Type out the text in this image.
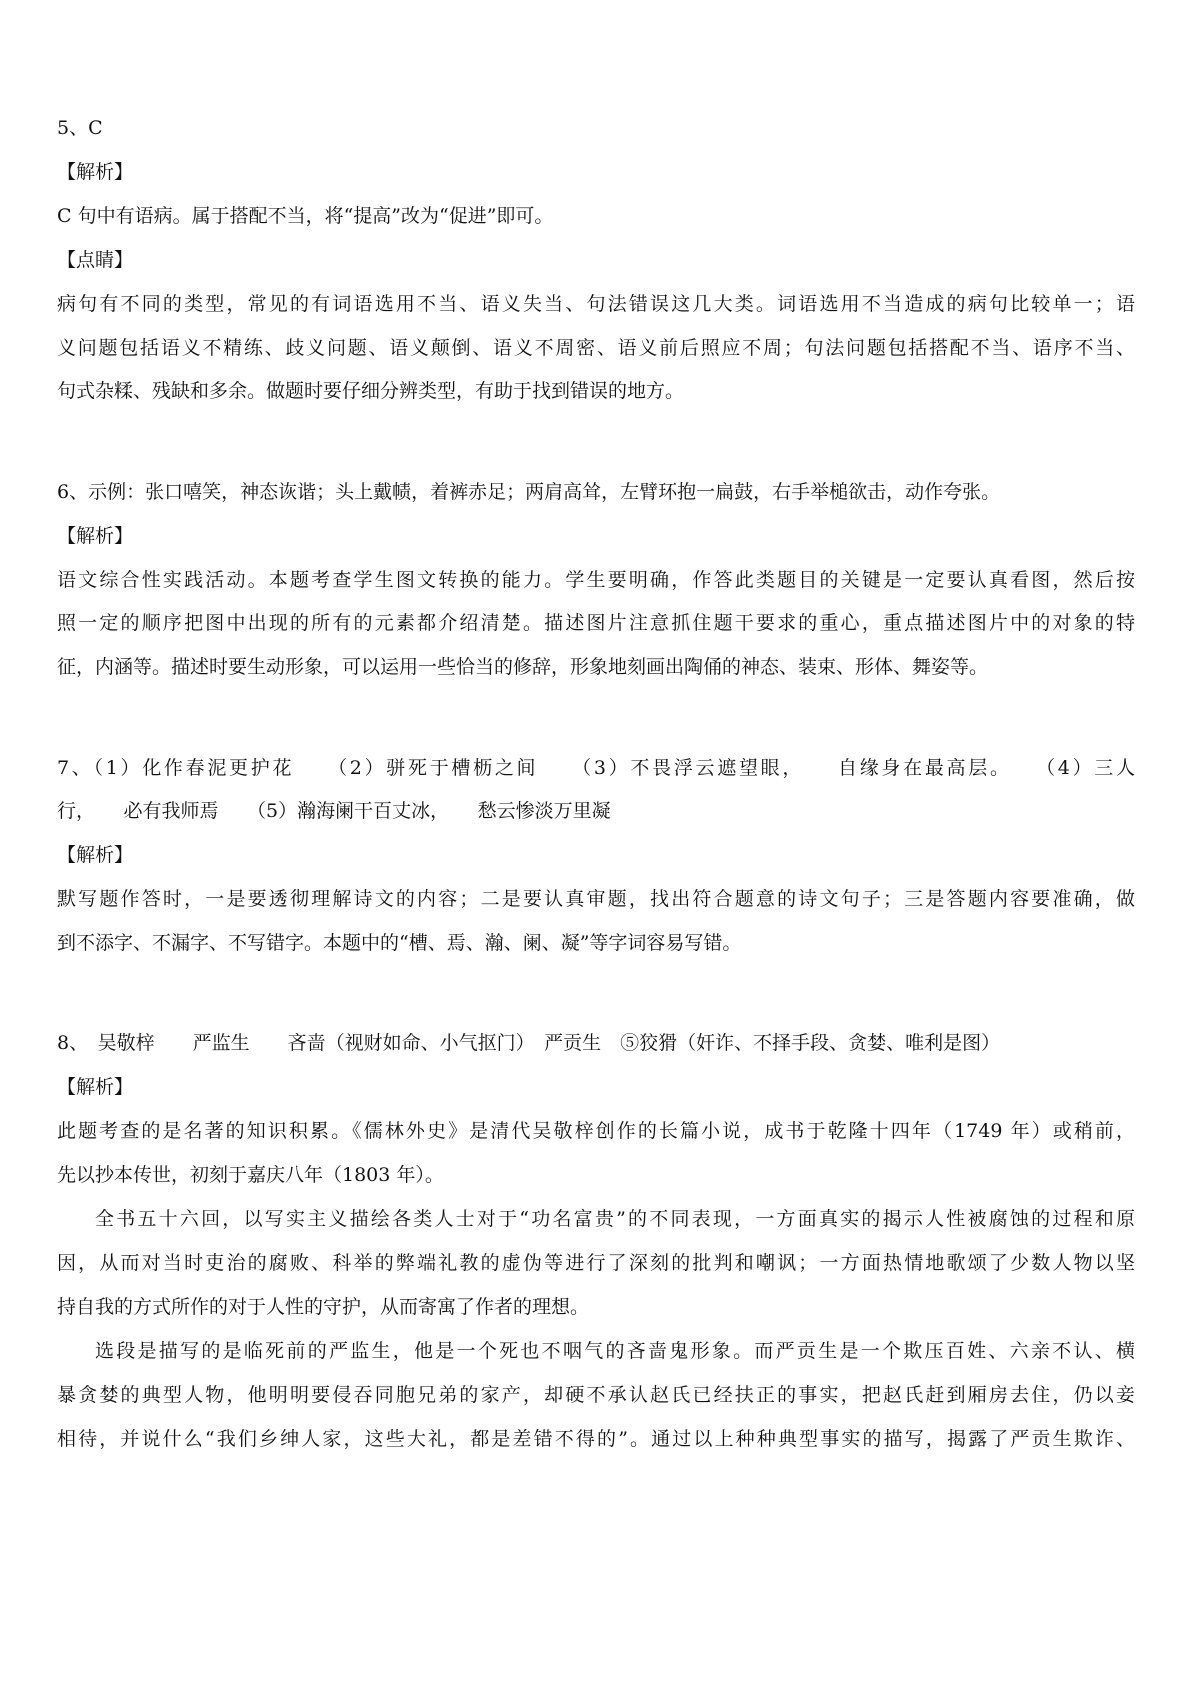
5、C
【解析】
C 句中有语病。属于搭配不当，将“提高”改为“促进”即可。
【点睛】
病句有不同的类型，常见的有词语选用不当、语义失当、句法错误这几大类。词语选用不当造成的病句比较单一；语
义问题包括语义不精练、歧义问题、语义颠倒、语义不周密、语义前后照应不周；句法问题包括搭配不当、语序不当、
句式杂糅、残缺和多余。做题时要仔细分辨类型，有助于找到错误的地方。
6、示例：张口嘻笑，神态诙谐；头上戴帻，着裤赤足；两肩高耸，左臂环抱一扁鼓，右手举槌欲击，动作夸张。
【解析】
语文综合性实践活动。本题考查学生图文转换的能力。学生要明确，作答此类题目的关键是一定要认真看图，然后按
照一定的顺序把图中出现的所有的元素都介绍清楚。描述图片注意抓住题干要求的重心，重点描述图片中的对象的特
征，内涵等。描述时要生动形象，可以运用一些恰当的修辞，形象地刻画出陶俑的神态、装束、形体、舞姿等。
7、（1）化作春泥更护花　　（2）骈死于槽枥之间　　（3）不畏浮云遮望眼，　　自缘身在最高层。　　（4）三人
行，　　必有我师焉　　（5）瀚海阑干百丈冰，　　愁云惨淡万里凝
【解析】
默写题作答时，一是要透彻理解诗文的内容；二是要认真审题，找出符合题意的诗文句子；三是答题内容要准确，做
到不添字、不漏字、不写错字。本题中的“槽、焉、瀚、阑、凝”等字词容易写错。
8、　吴敬梓　　严监生　　吝啬（视财如命、小气抠门）　严贡生　⑤狡猾（奸诈、不择手段、贪婪、唯利是图）
【解析】
此题考查的是名著的知识积累。《儒林外史》是清代吴敬梓创作的长篇小说，成书于乾隆十四年（1749 年）或稍前，
先以抄本传世，初刻于嘉庆八年（1803 年）。
全书五十六回，以写实主义描绘各类人士对于“功名富贵”的不同表现，一方面真实的揭示人性被腐蚀的过程和原
因，从而对当时吏治的腐败、科举的弊端礼教的虚伪等进行了深刻的批判和嘲讽；一方面热情地歌颂了少数人物以坚
持自我的方式所作的对于人性的守护，从而寄寓了作者的理想。
选段是描写的是临死前的严监生，他是一个死也不咽气的吝啬鬼形象。而严贡生是一个欺压百姓、六亲不认、横
暴贪婪的典型人物，他明明要侵吞同胞兄弟的家产，却硬不承认赵氏已经扶正的事实，把赵氏赶到厢房去住，仍以妾
相待，并说什么“我们乡绅人家，这些大礼，都是差错不得的”。通过以上种种典型事实的描写，揭露了严贡生欺诈、
